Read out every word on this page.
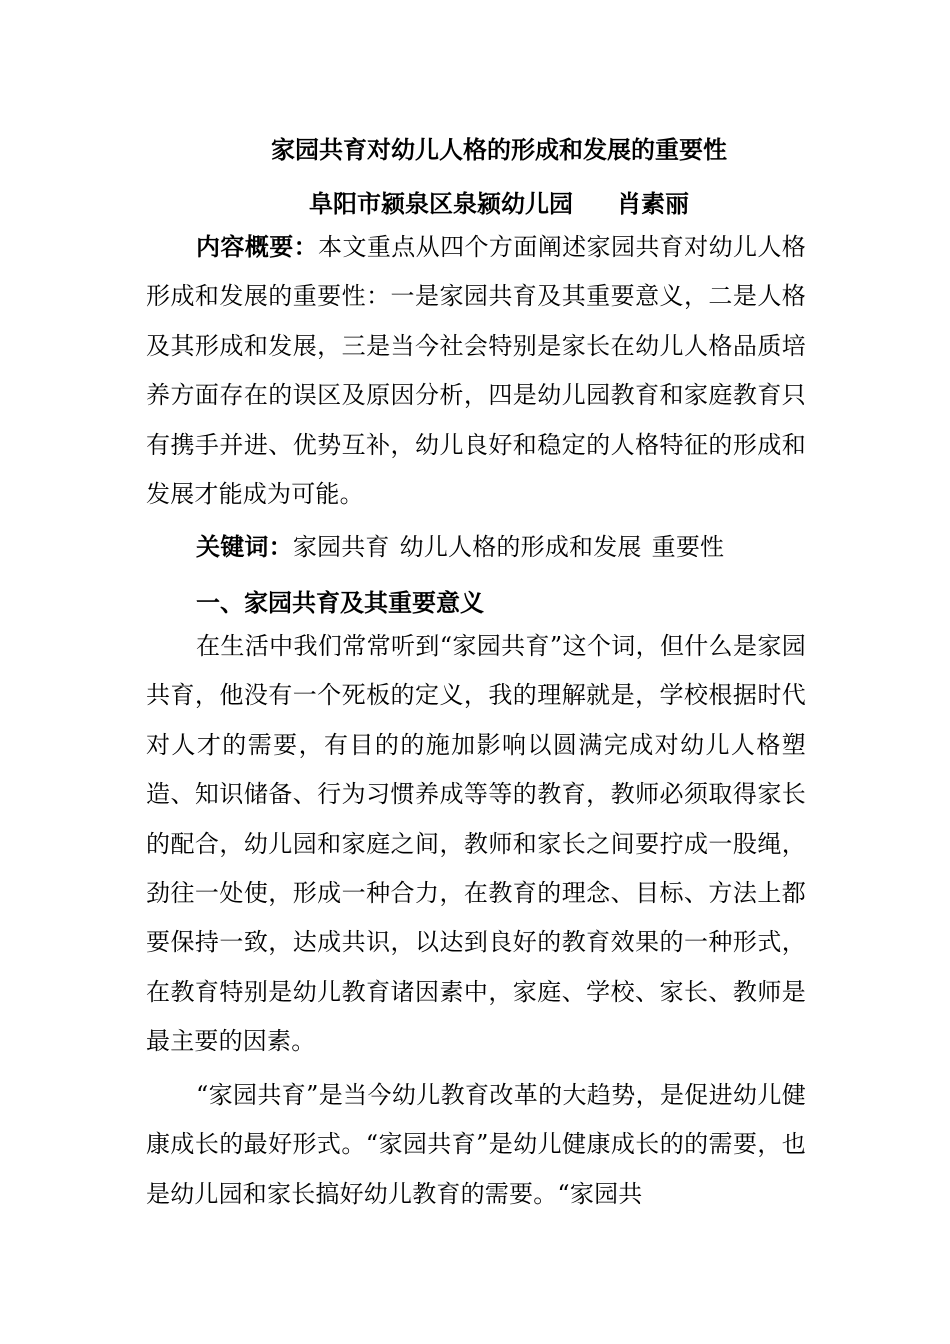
家园共育对幼儿人格的形成和发展的重要性
阜阳市颍泉区泉颍幼儿园 肖素丽
内容概要：本文重点从四个方面阐述家园共育对幼儿人格形成和发展的重要性：一是家园共育及其重要意义，二是人格及其形成和发展，三是当今社会特别是家长在幼儿人格品质培养方面存在的误区及原因分析，四是幼儿园教育和家庭教育只有携手并进、优势互补，幼儿良好和稳定的人格特征的形成和发展才能成为可能。
关键词：家园共育 幼儿人格的形成和发展 重要性
一、家园共育及其重要意义
在生活中我们常常听到“家园共育”这个词，但什么是家园共育，他没有一个死板的定义，我的理解就是，学校根据时代对人才的需要，有目的的施加影响以圆满完成对幼儿人格塑造、知识储备、行为习惯养成等等的教育，教师必须取得家长的配合，幼儿园和家庭之间，教师和家长之间要拧成一股绳，劲往一处使，形成一种合力，在教育的理念、目标、方法上都要保持一致，达成共识，以达到良好的教育效果的一种形式，在教育特别是幼儿教育诸因素中，家庭、学校、家长、教师是最主要的因素。
“家园共育”是当今幼儿教育改革的大趋势，是促进幼儿健康成长的最好形式。“家园共育”是幼儿健康成长的的需要，也是幼儿园和家长搞好幼儿教育的需要。“家园共
